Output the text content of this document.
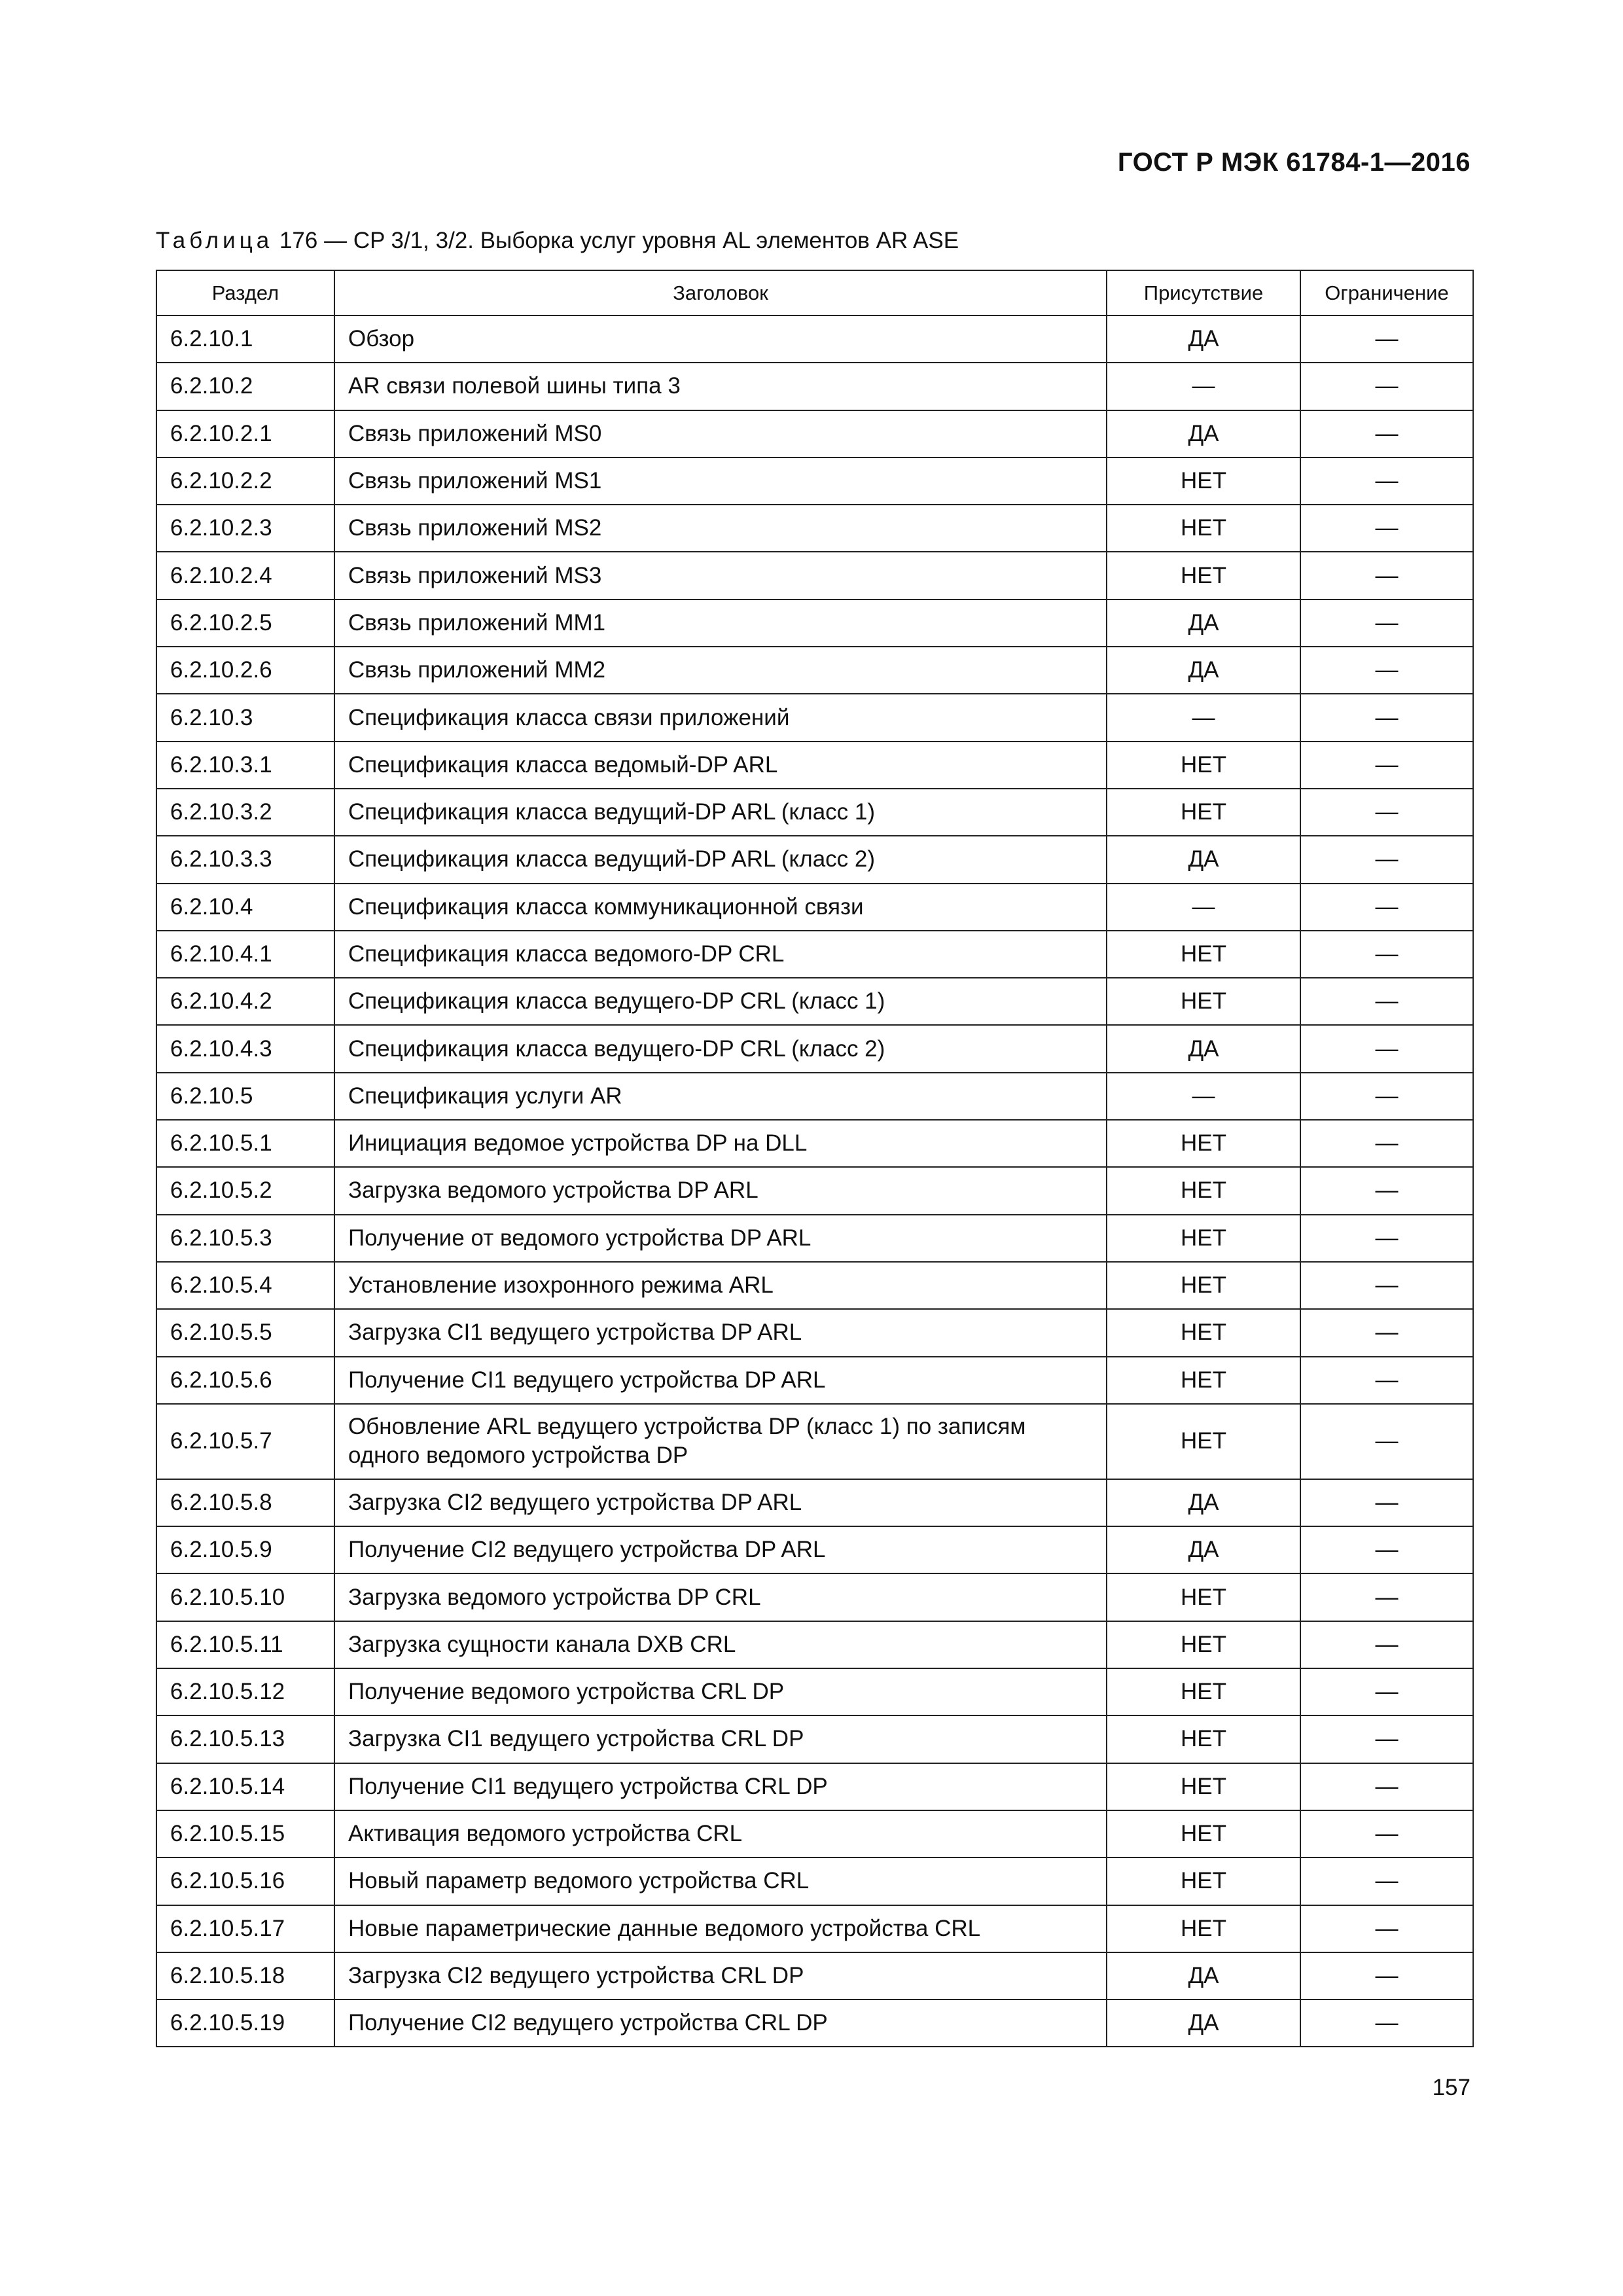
ГОСТ Р МЭК 61784-1—2016
Таблица 176 — CP 3/1, 3/2. Выборка услуг уровня AL элементов AR ASE
Раздел	Заголовок	Присутствие	Ограничение
6.2.10.1	Обзор	ДА	—
6.2.10.2	AR связи полевой шины типа 3	—	—
6.2.10.2.1	Связь приложений MS0	ДА	—
6.2.10.2.2	Связь приложений MS1	НЕТ	—
6.2.10.2.3	Связь приложений MS2	НЕТ	—
6.2.10.2.4	Связь приложений MS3	НЕТ	—
6.2.10.2.5	Связь приложений MM1	ДА	—
6.2.10.2.6	Связь приложений MM2	ДА	—
6.2.10.3	Спецификация класса связи приложений	—	—
6.2.10.3.1	Спецификация класса ведомый-DP ARL	НЕТ	—
6.2.10.3.2	Спецификация класса ведущий-DP ARL (класс 1)	НЕТ	—
6.2.10.3.3	Спецификация класса ведущий-DP ARL (класс 2)	ДА	—
6.2.10.4	Спецификация класса коммуникационной связи	—	—
6.2.10.4.1	Спецификация класса ведомого-DP CRL	НЕТ	—
6.2.10.4.2	Спецификация класса ведущего-DP CRL (класс 1)	НЕТ	—
6.2.10.4.3	Спецификация класса ведущего-DP CRL (класс 2)	ДА	—
6.2.10.5	Спецификация услуги AR	—	—
6.2.10.5.1	Инициация ведомое устройства DP на DLL	НЕТ	—
6.2.10.5.2	Загрузка ведомого устройства DP ARL	НЕТ	—
6.2.10.5.3	Получение от ведомого устройства DP ARL	НЕТ	—
6.2.10.5.4	Установление изохронного режима ARL	НЕТ	—
6.2.10.5.5	Загрузка CI1 ведущего устройства DP ARL	НЕТ	—
6.2.10.5.6	Получение CI1 ведущего устройства DP ARL	НЕТ	—
6.2.10.5.7	Обновление ARL ведущего устройства DP (класс 1) по записям одного ведомого устройства DP	НЕТ	—
6.2.10.5.8	Загрузка CI2 ведущего устройства DP ARL	ДА	—
6.2.10.5.9	Получение CI2 ведущего устройства DP ARL	ДА	—
6.2.10.5.10	Загрузка ведомого устройства DP CRL	НЕТ	—
6.2.10.5.11	Загрузка сущности канала DXB CRL	НЕТ	—
6.2.10.5.12	Получение ведомого устройства CRL DP	НЕТ	—
6.2.10.5.13	Загрузка CI1 ведущего устройства CRL DP	НЕТ	—
6.2.10.5.14	Получение CI1 ведущего устройства CRL DP	НЕТ	—
6.2.10.5.15	Активация ведомого устройства CRL	НЕТ	—
6.2.10.5.16	Новый параметр ведомого устройства CRL	НЕТ	—
6.2.10.5.17	Новые параметрические данные ведомого устройства CRL	НЕТ	—
6.2.10.5.18	Загрузка CI2 ведущего устройства CRL DP	ДА	—
6.2.10.5.19	Получение CI2 ведущего устройства CRL DP	ДА	—
157
